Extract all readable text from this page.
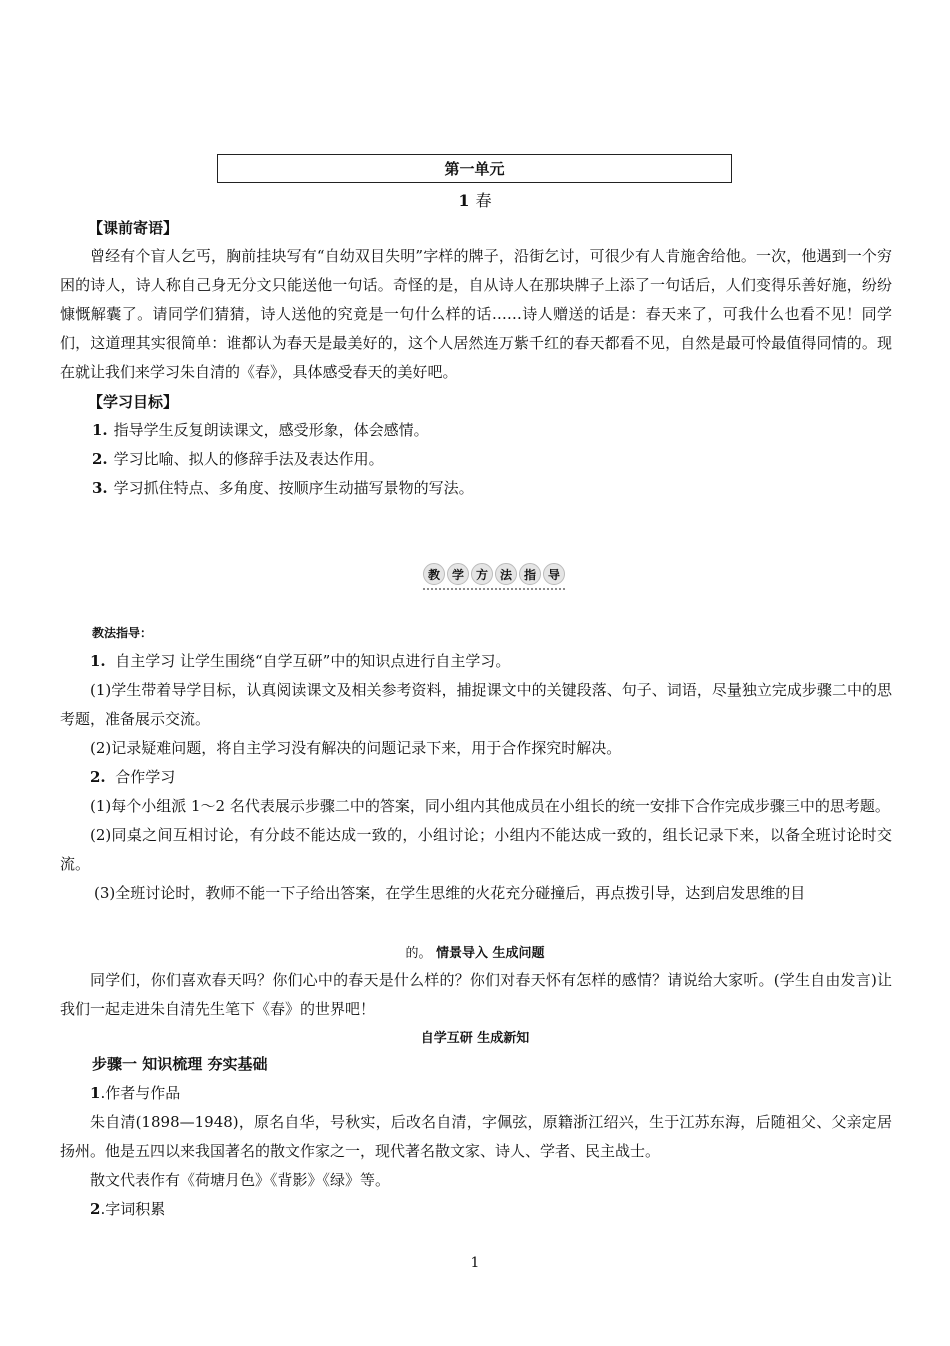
第一单元
1 春
【课前寄语】

曾经有个盲人乞丐，胸前挂块写有“自幼双目失明”字样的牌子，沿街乞讨，可很少有人肯施舍给他。一次，他遇到一个穷困的诗人，诗人称自己身无分文只能送他一句话。奇怪的是，自从诗人在那块牌子上添了一句话后，人们变得乐善好施，纷纷慷慨解囊了。请同学们猜猜，诗人送他的究竟是一句什么样的话……诗人赠送的话是：春天来了，可我什么也看不见！同学们，这道理其实很简单：谁都认为春天是最美好的，这个人居然连万紫千红的春天都看不见，自然是最可怜最值得同情的。现在就让我们来学习朱自清的《春》，具体感受春天的美好吧。

【学习目标】
1. 指导学生反复朗读课文，感受形象，体会感情。
2. 学习比喻、拟人的修辞手法及表达作用。
3. 学习抓住特点、多角度、按顺序生动描写景物的写法。
教 学 方 法 指 导
教法指导：

1. 自主学习 让学生围绕“自学互研”中的知识点进行自主学习。

(1)学生带着导学目标，认真阅读课文及相关参考资料，捕捉课文中的关键段落、句子、词语，尽量独立完成步骤二中的思考题，准备展示交流。

(2)记录疑难问题，将自主学习没有解决的问题记录下来，用于合作探究时解决。

2. 合作学习

(1)每个小组派 1～2 名代表展示步骤二中的答案，同小组内其他成员在小组长的统一安排下合作完成步骤三中的思考题。

(2)同桌之间互相讨论，有分歧不能达成一致的，小组讨论；小组内不能达成一致的，组长记录下来，以备全班讨论时交流。

(3)全班讨论时，教师不能一下子给出答案，在学生思维的火花充分碰撞后，再点拨引导，达到启发思维的目

的。 情景导入 生成问题

同学们，你们喜欢春天吗？你们心中的春天是什么样的？你们对春天怀有怎样的感情？请说给大家听。(学生自由发言)让我们一起走进朱自清先生笔下《春》的世界吧！

自学互研 生成新知
步骤一 知识梳理 夯实基础

1.作者与作品

朱自清(1898—1948)，原名自华，号秋实，后改名自清，字佩弦，原籍浙江绍兴，生于江苏东海，后随祖父、父亲定居扬州。他是五四以来我国著名的散文作家之一，现代著名散文家、诗人、学者、民主战士。

散文代表作有《荷塘月色》《背影》《绿》等。

2.字词积累

1
